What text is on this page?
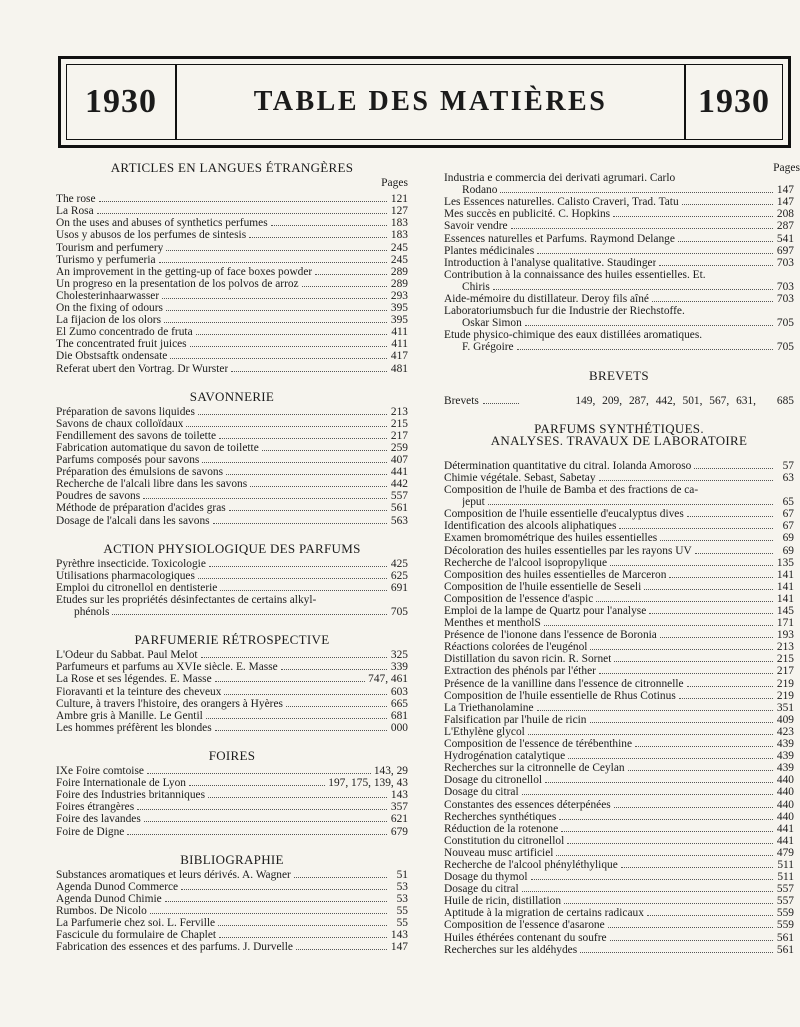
1930	TABLE DES MATIÈRES	1930
ARTICLES EN LANGUES ÉTRANGÈRES
Pages
The rose	121
La Rosa	127
On the uses and abuses of synthetics perfumes	183
Usos y abusos de los perfumes de sintesis	183
Tourism and perfumery	245
Turismo y perfumeria	245
An improvement in the getting-up of face boxes powder	289
Un progreso en la presentation de los polvos de arroz	289
Cholesterinhaarwasser	293
On the fixing of odours	395
La fijacion de los olors	395
El Zumo concentrado de fruta	411
The concentrated fruit juices	411
Die Obstsaftk ondensate	417
Referat ubert den Vortrag. Dr Wurster	481
SAVONNERIE
Préparation de savons liquides	213
Savons de chaux colloïdaux	215
Fendillement des savons de toilette	217
Fabrication automatique du savon de toilette	259
Parfums composés pour savons	407
Préparation des émulsions de savons	441
Recherche de l'alcali libre dans les savons	442
Poudres de savons	557
Méthode de préparation d'acides gras	561
Dosage de l'alcali dans les savons	563
ACTION PHYSIOLOGIQUE DES PARFUMS
Pyrèthre insecticide. Toxicologie	425
Utilisations pharmacologiques	625
Emploi du citronellol en dentisterie	691
Etudes sur les propriétés désinfectantes de certains alkyl-
phénols	705
PARFUMERIE RÉTROSPECTIVE
L'Odeur du Sabbat. Paul Melot	325
Parfumeurs et parfums au XVIe siècle. E. Masse	339
La Rose et ses légendes. E. Masse	747, 461
Fioravanti et la teinture des cheveux	603
Culture, à travers l'histoire, des orangers à Hyères	665
Ambre gris à Manille. Le Gentil	681
Les hommes préfèrent les blondes	000
FOIRES
IXe Foire comtoise	143, 29
Foire Internationale de Lyon	197, 175, 139, 43
Foire des Industries britanniques	143
Foires étrangères	357
Foire des lavandes	621
Foire de Digne	679
BIBLIOGRAPHIE
Substances aromatiques et leurs dérivés. A. Wagner	51
Agenda Dunod Commerce	53
Agenda Dunod Chimie	53
Rumbos. De Nicolo	55
La Parfumerie chez soi. L. Ferville	55
Fascicule du formulaire de Chaplet	143
Fabrication des essences et des parfums. J. Durvelle	147
Pages
Industria e commercia dei derivati agrumari. Carlo
Rodano	147
Les Essences naturelles. Calisto Craveri, Trad. Tatu	147
Mes succès en publicité. C. Hopkins	208
Savoir vendre	287
Essences naturelles et Parfums. Raymond Delange	541
Plantes médicinales	697
Introduction à l'analyse qualitative. Staudinger	703
Contribution à la connaissance des huiles essentielles. Et.
Chiris	703
Aide-mémoire du distillateur. Deroy fils aîné	703
Laboratoriumsbuch fur die Industrie der Riechstoffe.
Oskar Simon	705
Etude physico-chimique des eaux distillées aromatiques.
F. Grégoire	705
BREVETS
Brevets	149, 209, 287, 442, 501, 567, 631,	685
PARFUMS SYNTHÉTIQUES.
ANALYSES. TRAVAUX DE LABORATOIRE
Détermination quantitative du citral. Iolanda Amoroso	57
Chimie végétale. Sebast, Sabetay	63
Composition de l'huile de Bamba et des fractions de ca-
jeput	65
Composition de l'huile essentielle d'eucalyptus dives	67
Identification des alcools aliphatiques	67
Examen bromométrique des huiles essentielles	69
Décoloration des huiles essentielles par les rayons UV	69
Recherche de l'alcool isopropylique	135
Composition des huiles essentielles de Marceron	141
Composition de l'huile essentielle de Seseli	141
Composition de l'essence d'aspic	141
Emploi de la lampe de Quartz pour l'analyse	145
Menthes et mentholS	171
Présence de l'ionone dans l'essence de Boronia	193
Réactions colorées de l'eugénol	213
Distillation du savon ricin. R. Sornet	215
Extraction des phénols par l'éther	217
Présence de la vanilline dans l'essence de citronnelle	219
Composition de l'huile essentielle de Rhus Cotinus	219
La Triethanolamine	351
Falsification par l'huile de ricin	409
L'Ethylène glycol	423
Composition de l'essence de térébenthine	439
Hydrogénation catalytique	439
Recherches sur la citronnelle de Ceylan	439
Dosage du citronellol	440
Dosage du citral	440
Constantes des essences déterpénées	440
Recherches synthétiques	440
Réduction de la rotenone	441
Constitution du citronellol	441
Nouveau musc artificiel	479
Recherche de l'alcool phényléthylique	511
Dosage du thymol	511
Dosage du citral	557
Huile de ricin, distillation	557
Aptitude à la migration de certains radicaux	559
Composition de l'essence d'asarone	559
Huiles éthérées contenant du soufre	561
Recherches sur les aldéhydes	561
